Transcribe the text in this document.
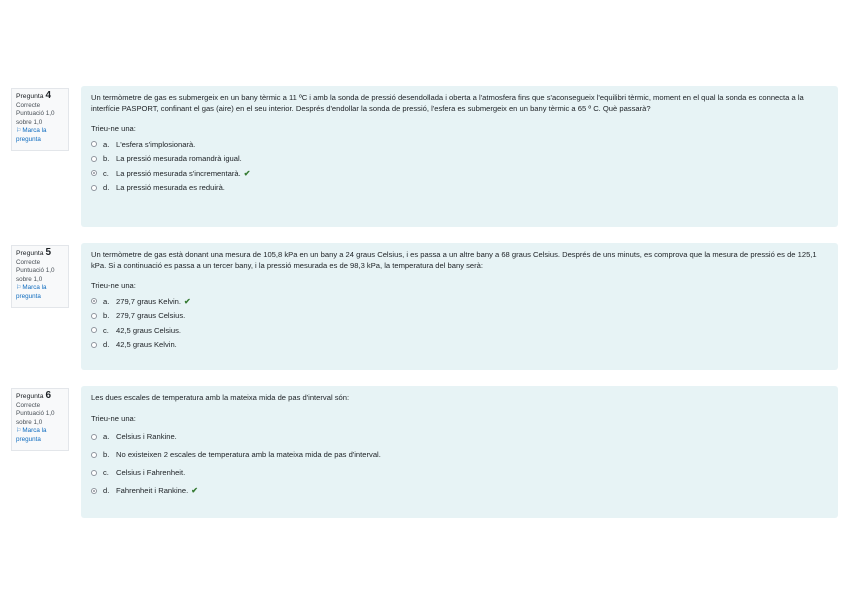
Pregunta 4
Correcte
Puntuació 1,0 sobre 1,0
⚐Marca la pregunta

Un termòmetre de gas es submergeix en un bany tèrmic a 11 ºC i amb la sonda de pressió desendollada i oberta a l'atmosfera fins que s'aconsegueix l'equilibri tèrmic, moment en el qual la sonda es connecta a la interfície PASPORT, confinant el gas (aire) en el seu interior. Després d'endollar la sonda de pressió, l'esfera es submergeix en un bany tèrmic a 65 º C. Què passarà?

Trieu-ne una:

a. L'esfera s'implosionarà.
b. La pressió mesurada romandrà igual.
c. La pressió mesurada s'incrementarà. ✔
d. La pressió mesurada es reduirà.
Pregunta 5
Correcte
Puntuació 1,0 sobre 1,0
⚐Marca la pregunta

Un termòmetre de gas està donant una mesura de 105,8 kPa en un bany a 24 graus Celsius, i es passa a un altre bany a 68 graus Celsius. Després de uns minuts, es comprova que la mesura de pressió es de 125,1 kPa. Si a continuació es passa a un tercer bany, i la pressió mesurada es de 98,3 kPa, la temperatura del bany serà:

Trieu-ne una:

a. 279,7 graus Kelvin. ✔
b. 279,7 graus Celsius.
c. 42,5 graus Celsius.
d. 42,5 graus Kelvin.
Pregunta 6
Correcte
Puntuació 1,0 sobre 1,0
⚐Marca la pregunta

Les dues escales de temperatura amb la mateixa mida de pas d'interval són:

Trieu-ne una:

a. Celsius i Rankine.
b. No existeixen 2 escales de temperatura amb la mateixa mida de pas d'interval.
c. Celsius i Fahrenheit.
d. Fahrenheit i Rankine. ✔
